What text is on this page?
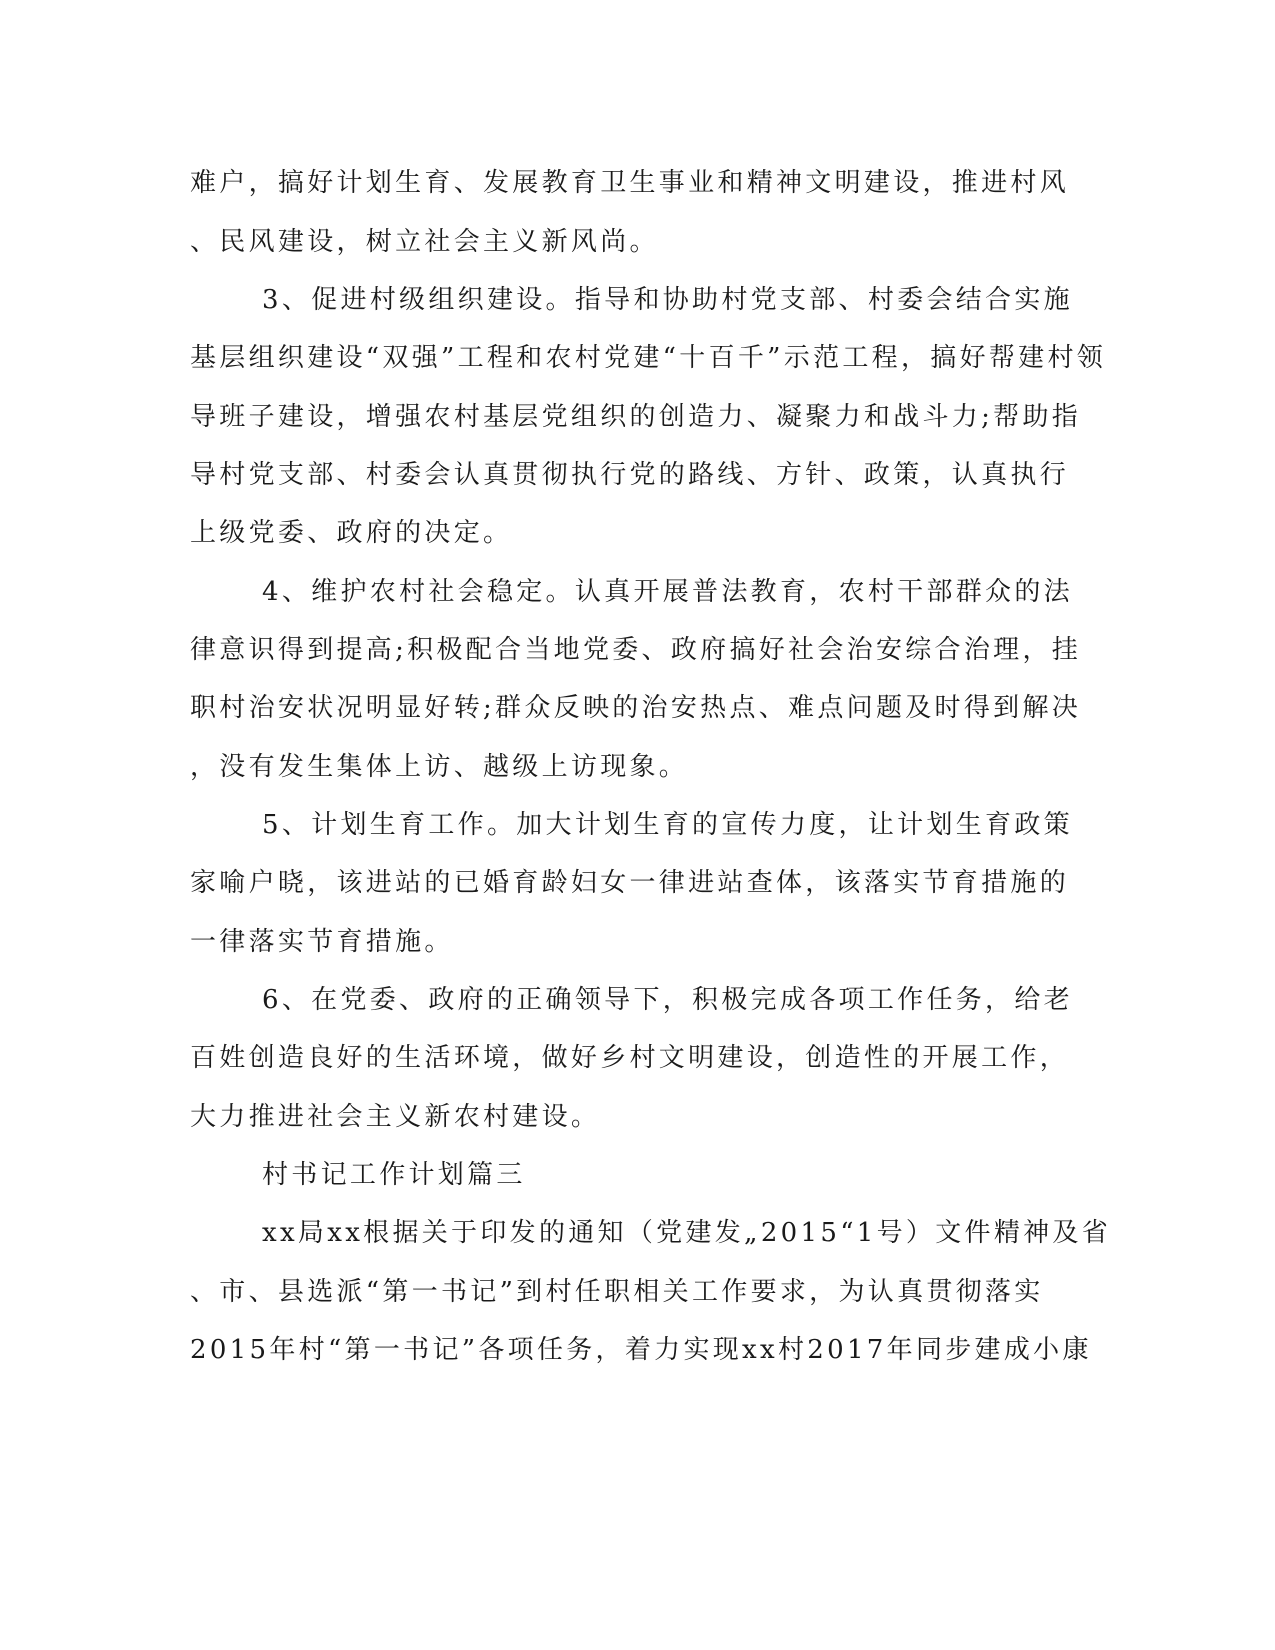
难户，搞好计划生育、发展教育卫生事业和精神文明建设，推进村风

、民风建设，树立社会主义新风尚。

3、促进村级组织建设。指导和协助村党支部、村委会结合实施

基层组织建设“双强”工程和农村党建“十百千”示范工程，搞好帮建村领

导班子建设，增强农村基层党组织的创造力、凝聚力和战斗力;帮助指

导村党支部、村委会认真贯彻执行党的路线、方针、政策，认真执行

上级党委、政府的决定。

4、维护农村社会稳定。认真开展普法教育，农村干部群众的法

律意识得到提高;积极配合当地党委、政府搞好社会治安综合治理，挂

职村治安状况明显好转;群众反映的治安热点、难点问题及时得到解决

，没有发生集体上访、越级上访现象。

5、计划生育工作。加大计划生育的宣传力度，让计划生育政策

家喻户晓，该进站的已婚育龄妇女一律进站查体，该落实节育措施的

一律落实节育措施。

6、在党委、政府的正确领导下，积极完成各项工作任务，给老

百姓创造良好的生活环境，做好乡村文明建设，创造性的开展工作，

大力推进社会主义新农村建设。

村书记工作计划篇三

xx局xx根据关于印发的通知（党建发„2015“1号）文件精神及省

、市、县选派“第一书记”到村任职相关工作要求，为认真贯彻落实

2015年村“第一书记”各项任务，着力实现xx村2017年同步建成小康
